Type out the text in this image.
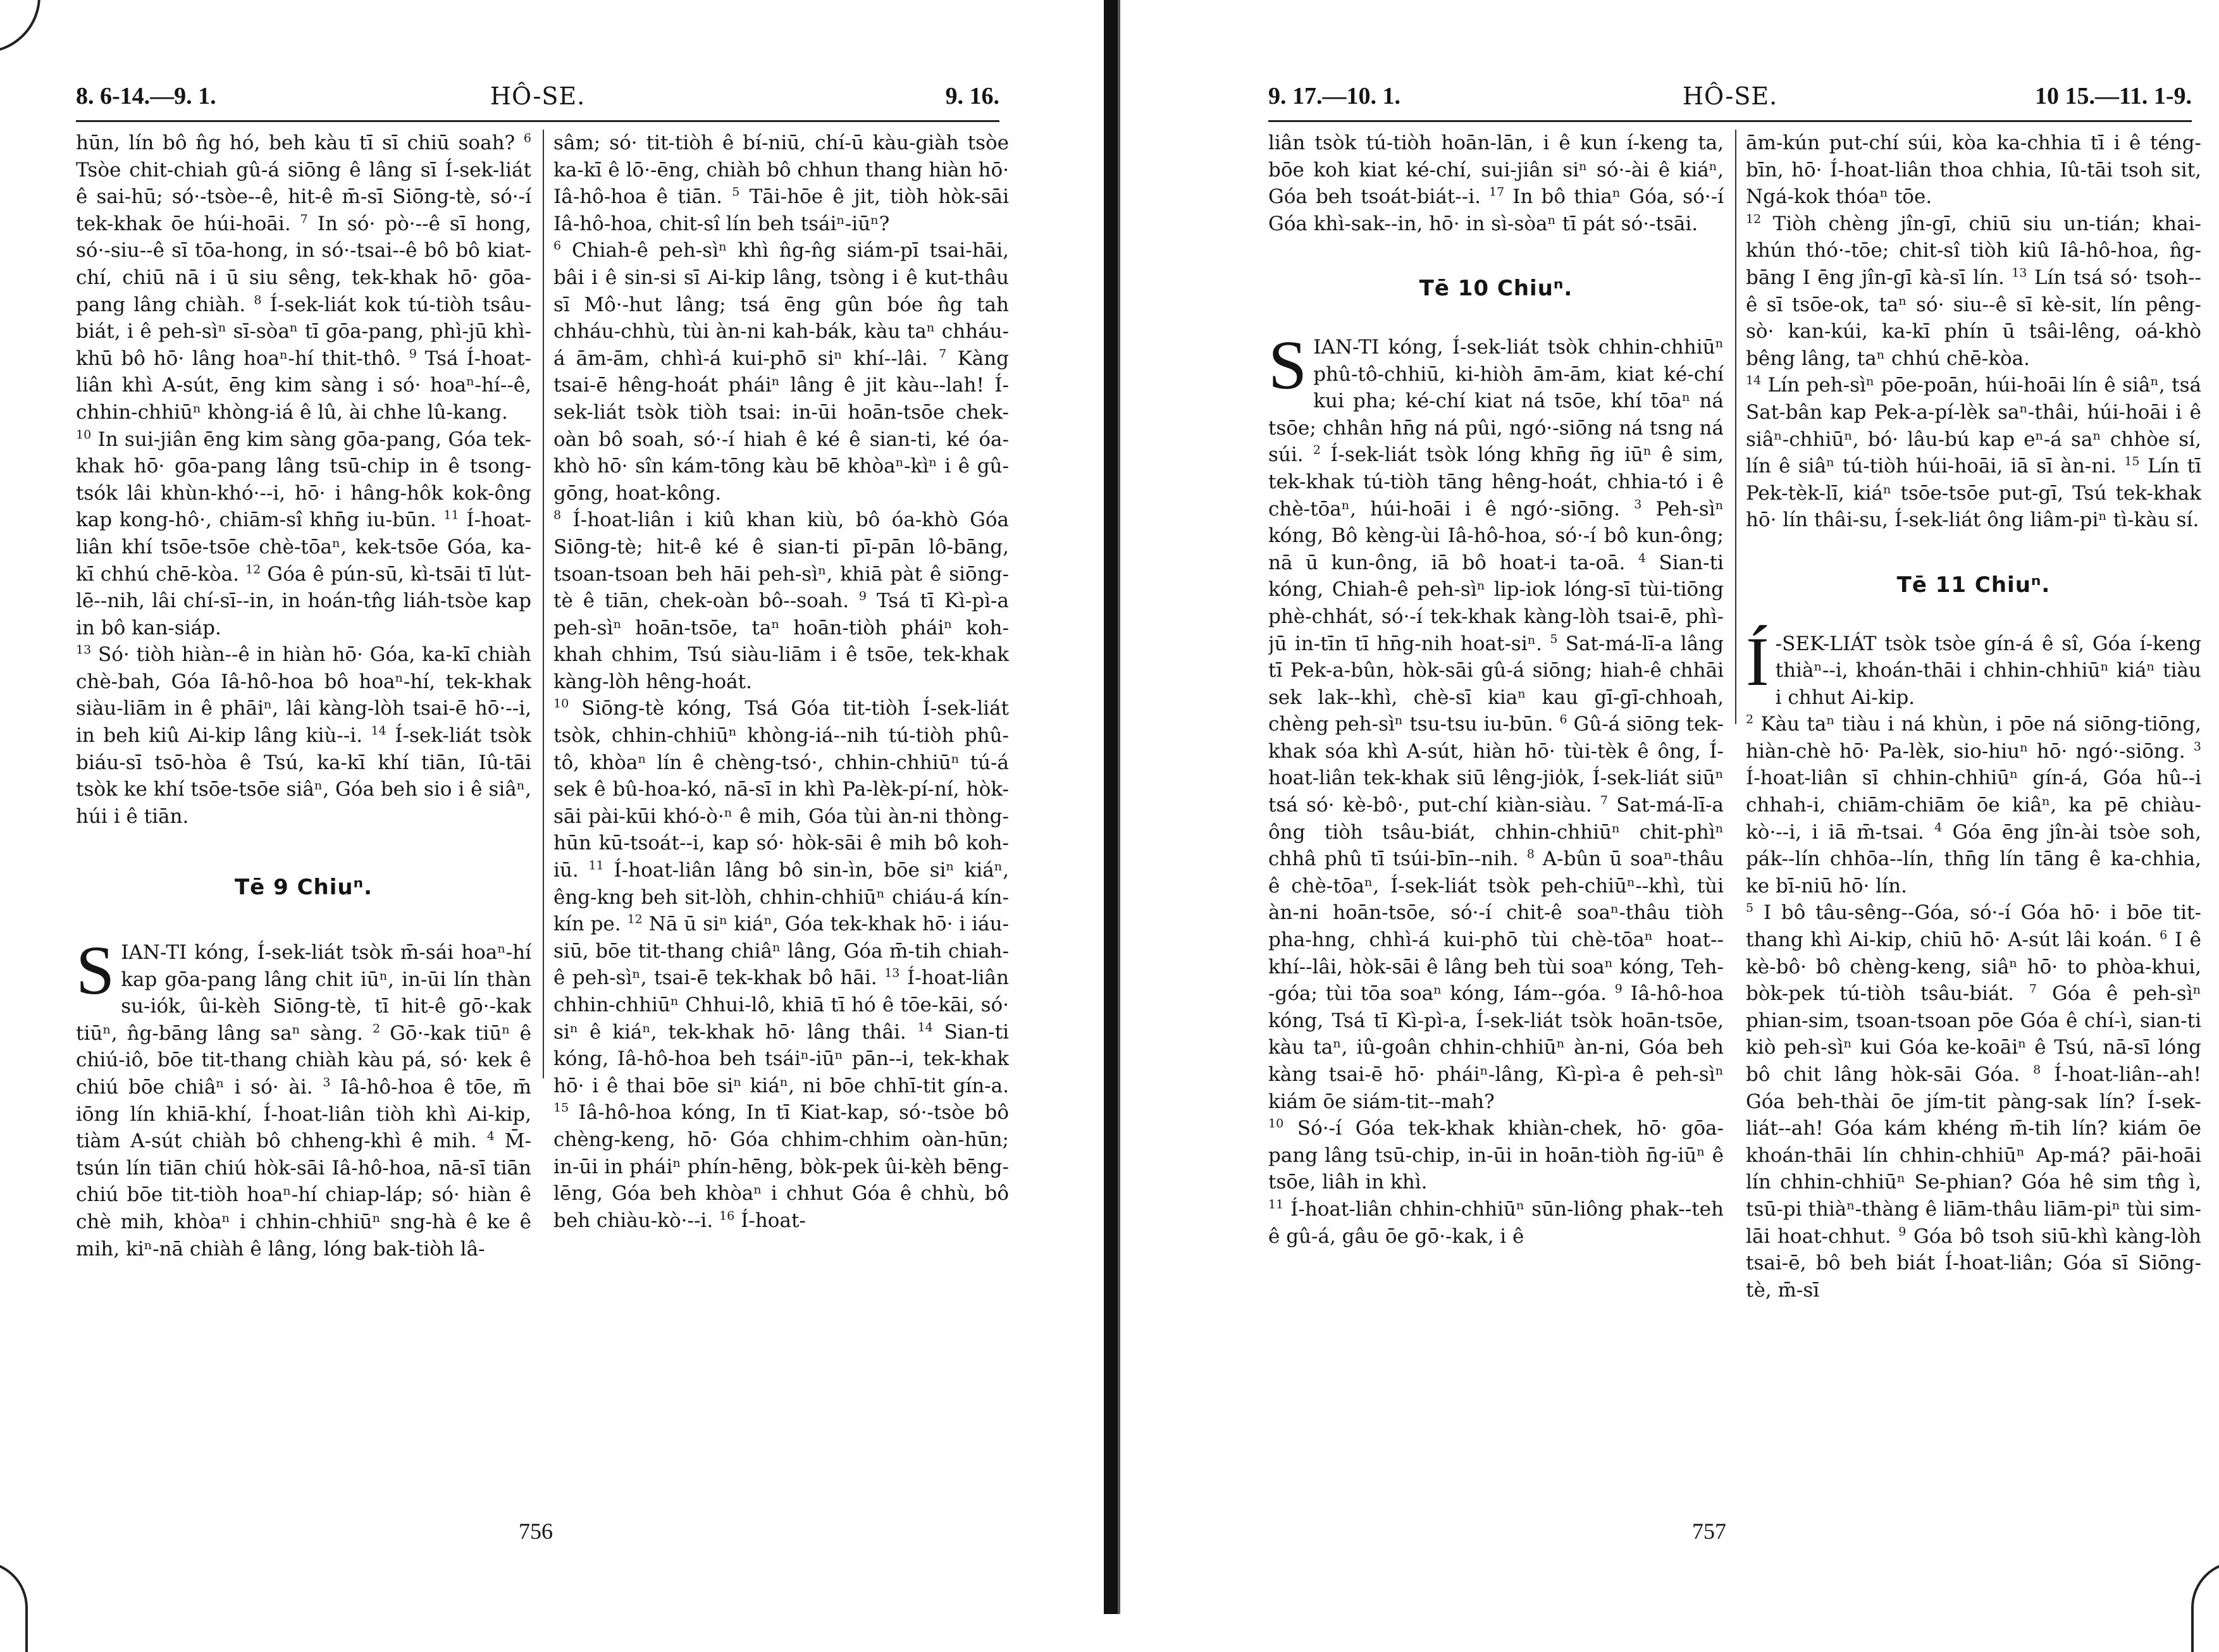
8. 6-14.—9. 1.	HÔ-SE.	9. 16.

hūn, lín bô n̂g hó, beh kàu tī sī chiū soah? $^6$ Tsòe chit-chiah gû-á siōng ê lâng sī Í-sek-liát ê sai-hū; só·-tsòe--ê, hit-ê m̄-sī Siōng-tè, só·-í tek-khak ōe húi-hoāi. $^7$ In só· pò·--ê sī hong, só·-siu--ê sī tōa-hong, in só·-tsai--ê bô bô kiat-chí, chiū nā i ū siu sêng, tek-khak hō· gōa-pang lâng chiàh. $^8$ Í-sek-liát kok tú-tiòh tsâu-biát, i ê peh-sìⁿ sī-sòaⁿ tī gōa-pang, phì-jū khì-khū bô hō· lâng hoaⁿ-hí thit-thô. $^9$ Tsá Í-hoat-liân khì A-sút, ēng kim sàng i só· hoaⁿ-hí--ê, chhin-chhiūⁿ khòng-iá ê lû, ài chhe lû-kang.
$^{10}$ In sui-jiân ēng kim sàng gōa-pang, Góa tek-khak hō· gōa-pang lâng tsū-chip in ê tsong-tsók lâi khùn-khó·--i, hō· i hâng-hôk kok-ông kap kong-hô·, chiām-sî khn̄g iu-būn. $^{11}$ Í-hoat-liân khí tsōe-tsōe chè-tōaⁿ, kek-tsōe Góa, ka-kī chhú chē-kòa. $^{12}$ Góa ê pún-sū, kì-tsāi tī lu̍t-lē--nih, lâi chí-sī--in, in hoán-tn̂g liáh-tsòe kap in bô kan-siáp.
$^{13}$ Só· tiòh hiàn--ê in hiàn hō· Góa, ka-kī chiàh chè-bah, Góa Iâ-hô-hoa bô hoaⁿ-hí, tek-khak siàu-liām in ê phāiⁿ, lâi kàng-lòh tsai-ē hō·--i, in beh kiû Ai-kip lâng kiù--i. $^{14}$ Í-sek-liát tsòk biáu-sī tsō-hòa ê Tsú, ka-kī khí tiān, Iû-tāi tsòk ke khí tsōe-tsōe siâⁿ, Góa beh sio i ê siâⁿ, húi i ê tiān.

Tē 9 Chiuⁿ.

SIAN-TI kóng, Í-sek-liát tsòk m̄-sái hoaⁿ-hí kap gōa-pang lâng chit iūⁿ, in-ūi lín thàn su-iók, ûi-kèh Siōng-tè, tī hit-ê gō·-kak tiūⁿ, n̂g-bāng lâng saⁿ sàng. $^2$ Gō·-kak tiūⁿ ê chiú-iô, bōe tit-thang chiàh kàu pá, só· kek ê chiú bōe chiâⁿ i só· ài. $^3$ Iâ-hô-hoa ê tōe, m̄ iōng lín khiā-khí, Í-hoat-liân tiòh khì Ai-kip, tiàm A-sút chiàh bô chheng-khì ê mih. $^4$ M̄-tsún lín tiān chiú hòk-sāi Iâ-hô-hoa, nā-sī tiān chiú bōe tit-tiòh hoaⁿ-hí chiap-láp; só· hiàn ê chè mih, khòaⁿ i chhin-chhiūⁿ sng-hà ê ke ê mih, kiⁿ-nā chiàh ê lâng, lóng bak-tiòh lâ-

sâm; só· tit-tiòh ê bí-niū, chí-ū kàu-giàh tsòe ka-kī ê lō·-ēng, chiàh bô chhun thang hiàn hō· Iâ-hô-hoa ê tiān. $^5$ Tāi-hōe ê jit, tiòh hòk-sāi Iâ-hô-hoa, chit-sî lín beh tsáiⁿ-iūⁿ?
$^6$ Chiah-ê peh-sìⁿ khì n̂g-n̂g siám-pī tsai-hāi, bâi i ê sin-si sī Ai-kip lâng, tsòng i ê kut-thâu sī Mô·-hut lâng; tsá ēng gûn bóe n̂g tah chháu-chhù, tùi àn-ni kah-bák, kàu taⁿ chháu-á ām-ām, chhì-á kui-phō siⁿ khí--lâi. $^7$ Kàng tsai-ē hêng-hoát pháiⁿ lâng ê jit kàu--lah! Í-sek-liát tsòk tiòh tsai: in-ūi hoān-tsōe chek-oàn bô soah, só·-í hiah ê ké ê sian-ti, ké óa-khò hō· sîn kám-tōng kàu bē khòaⁿ-kìⁿ i ê gû-gōng, hoat-kông.
$^8$ Í-hoat-liân i kiû khan kiù, bô óa-khò Góa Siōng-tè; hit-ê ké ê sian-ti pī-pān lô-bāng, tsoan-tsoan beh hāi peh-sìⁿ, khiā pàt ê siōng-tè ê tiān, chek-oàn bô--soah. $^9$ Tsá tī Kì-pì-a peh-sìⁿ hoān-tsōe, taⁿ hoān-tiòh pháiⁿ koh-khah chhim, Tsú siàu-liām i ê tsōe, tek-khak kàng-lòh hêng-hoát.
$^{10}$ Siōng-tè kóng, Tsá Góa tit-tiòh Í-sek-liát tsòk, chhin-chhiūⁿ khòng-iá--nih tú-tiòh phû-tô, khòaⁿ lín ê chèng-tsó·, chhin-chhiūⁿ tú-á sek ê bû-hoa-kó, nā-sī in khì Pa-lèk-pí-ní, hòk-sāi pài-kūi khó-ò·ⁿ ê mih, Góa tùi àn-ni thòng-hūn kū-tsoát--i, kap só· hòk-sāi ê mih bô koh-iū. $^{11}$ Í-hoat-liân lâng bô sin-ìn, bōe siⁿ kiáⁿ, êng-kng beh sit-lòh, chhin-chhiūⁿ chiáu-á kín-kín pe. $^{12}$ Nā ū siⁿ kiáⁿ, Góa tek-khak hō· i iáu-siū, bōe tit-thang chiâⁿ lâng, Góa m̄-tih chiah-ê peh-sìⁿ, tsai-ē tek-khak bô hāi. $^{13}$ Í-hoat-liân chhin-chhiūⁿ Chhui-lô, khiā tī hó ê tōe-kāi, só· siⁿ ê kiáⁿ, tek-khak hō· lâng thâi. $^{14}$ Sian-ti kóng, Iâ-hô-hoa beh tsáiⁿ-iūⁿ pān--i, tek-khak hō· i ê thai bōe siⁿ kiáⁿ, ni bōe chhī-tit gín-a. $^{15}$ Iâ-hô-hoa kóng, In tī Kiat-kap, só·-tsòe bô chèng-keng, hō· Góa chhim-chhim oàn-hūn; in-ūi in pháiⁿ phín-hēng, bòk-pek ûi-kèh bēng-lēng, Góa beh khòaⁿ i chhut Góa ê chhù, bô beh chiàu-kò·--i. $^{16}$ Í-hoat-

756
9. 17.—10. 1.	HÔ-SE.	10 15.—11. 1-9.

liân tsòk tú-tiòh hoān-lān, i ê kun í-keng ta, bōe koh kiat ké-chí, sui-jiân siⁿ só·-ài ê kiáⁿ, Góa beh tsoát-biát--i. $^{17}$ In bô thiaⁿ Góa, só·-í Góa khì-sak--in, hō· in sì-sòaⁿ tī pát só·-tsāi.

Tē 10 Chiuⁿ.

SIAN-TI kóng, Í-sek-liát tsòk chhin-chhiūⁿ phû-tô-chhiū, ki-hiòh ām-ām, kiat ké-chí kui pha; ké-chí kiat ná tsōe, khí tōaⁿ ná tsōe; chhân hn̄g ná pûi, ngó·-siōng ná tsng ná súi. $^2$ Í-sek-liát tsòk lóng khn̄g n̄g iūⁿ ê sim, tek-khak tú-tiòh tāng hêng-hoát, chhia-tó i ê chè-tōaⁿ, húi-hoāi i ê ngó·-siōng. $^3$ Peh-sìⁿ kóng, Bô kèng-ùi Iâ-hô-hoa, só·-í bô kun-ông; nā ū kun-ông, iā bô hoat-i ta-oā. $^4$ Sian-ti kóng, Chiah-ê peh-sìⁿ lip-iok lóng-sī tùi-tiōng phè-chhát, só·-í tek-khak kàng-lòh tsai-ē, phì-jū in-tīn tī hn̄g-nih hoat-siⁿ. $^5$ Sat-má-lī-a lâng tī Pek-a-bûn, hòk-sāi gû-á siōng; hiah-ê chhāi sek lak--khì, chè-sī kiaⁿ kau gī-gī-chhoah, chèng peh-sìⁿ tsu-tsu iu-būn. $^6$ Gû-á siōng tek-khak sóa khì A-sút, hiàn hō· tùi-tèk ê ông, Í-hoat-liân tek-khak siū lêng-jio̍k, Í-sek-liát siūⁿ tsá só· kè-bô·, put-chí kiàn-siàu. $^7$ Sat-má-lī-a ông tiòh tsâu-biát, chhin-chhiūⁿ chit-phìⁿ chhâ phû tī tsúi-bīn--nih. $^8$ A-bûn ū soaⁿ-thâu ê chè-tōaⁿ, Í-sek-liát tsòk peh-chiūⁿ--khì, tùi àn-ni hoān-tsōe, só·-í chit-ê soaⁿ-thâu tiòh pha-hng, chhì-á kui-phō tùi chè-tōaⁿ hoat--khí--lâi, hòk-sāi ê lâng beh tùi soaⁿ kóng, Teh--góa; tùi tōa soaⁿ kóng, Iám--góa. $^9$ Iâ-hô-hoa kóng, Tsá tī Kì-pì-a, Í-sek-liát tsòk hoān-tsōe, kàu taⁿ, iû-goân chhin-chhiūⁿ àn-ni, Góa beh kàng tsai-ē hō· pháiⁿ-lâng, Kì-pì-a ê peh-sìⁿ kiám ōe siám-tit--mah?
$^{10}$ Só·-í Góa tek-khak khiàn-chek, hō· gōa-pang lâng tsū-chip, in-ūi in hoān-tiòh n̄g-iūⁿ ê tsōe, liâh in khì.
$^{11}$ Í-hoat-liân chhin-chhiūⁿ sūn-liông phak--teh ê gû-á, gâu ōe gō·-kak, i ê

ām-kún put-chí súi, kòa ka-chhia tī i ê téng-bīn, hō· Í-hoat-liân thoa chhia, Iû-tāi tsoh sit, Ngá-kok thóaⁿ tōe.
$^{12}$ Tiòh chèng jîn-gī, chiū siu un-tián; khai-khún thó·-tōe; chit-sî tiòh kiû Iâ-hô-hoa, n̂g-bāng I ēng jîn-gī kà-sī lín. $^{13}$ Lín tsá só· tsoh--ê sī tsōe-ok, taⁿ só· siu--ê sī kè-sit, lín pêng-sò· kan-kúi, ka-kī phín ū tsâi-lêng, oá-khò bêng lâng, taⁿ chhú chē-kòa.
$^{14}$ Lín peh-sìⁿ pōe-poān, húi-hoāi lín ê siâⁿ, tsá Sat-bân kap Pek-a-pí-lèk saⁿ-thâi, húi-hoāi i ê siâⁿ-chhiūⁿ, bó· lâu-bú kap eⁿ-á saⁿ chhòe sí, lín ê siâⁿ tú-tiòh húi-hoāi, iā sī àn-ni. $^{15}$ Lín tī Pek-tèk-lī, kiáⁿ tsōe-tsōe put-gī, Tsú tek-khak hō· lín thâi-su, Í-sek-liát ông liâm-piⁿ tì-kàu sí.

Tē 11 Chiuⁿ.

Í -SEK-LIÁT tsòk tsòe gín-á ê sî, Góa í-keng thiàⁿ--i, khoán-thāi i chhin-chhiūⁿ kiáⁿ tiàu i chhut Ai-kip.
$^2$ Kàu taⁿ tiàu i ná khùn, i pōe ná siōng-tiōng, hiàn-chè hō· Pa-lèk, sio-hiuⁿ hō· ngó·-siōng. $^3$ Í-hoat-liân sī chhin-chhiūⁿ gín-á, Góa hû--i chhah-i, chiām-chiām ōe kiâⁿ, ka pē chiàu-kò·--i, i iā m̄-tsai. $^4$ Góa ēng jîn-ài tsòe soh, pák--lín chhōa--lín, thn̄g lín tāng ê ka-chhia, ke bī-niū hō· lín.
$^5$ I bô tâu-sêng--Góa, só·-í Góa hō· i bōe tit-thang khì Ai-kip, chiū hō· A-sút lâi koán. $^6$ I ê kè-bô· bô chèng-keng, siâⁿ hō· to phòa-khui, bòk-pek tú-tiòh tsâu-biát. $^7$ Góa ê peh-sìⁿ phian-sim, tsoan-tsoan pōe Góa ê chí-ì, sian-ti kiò peh-sìⁿ kui Góa ke-koāiⁿ ê Tsú, nā-sī lóng bô chit lâng hòk-sāi Góa. $^8$ Í-hoat-liân--ah! Góa beh-thài ōe jím-tit pàng-sak lín? Í-sek-liát--ah! Góa kám khéng m̄-tih lín? kiám ōe khoán-thāi lín chhin-chhiūⁿ Ap-má? pāi-hoāi lín chhin-chhiūⁿ Se-phian? Góa hê sim tn̂g ì, tsū-pi thiàⁿ-thàng ê liām-thâu liām-piⁿ tùi sim-lāi hoat-chhut. $^9$ Góa bô tsoh siū-khì kàng-lòh tsai-ē, bô beh biát Í-hoat-liân; Góa sī Siōng-tè, m̄-sī

757
